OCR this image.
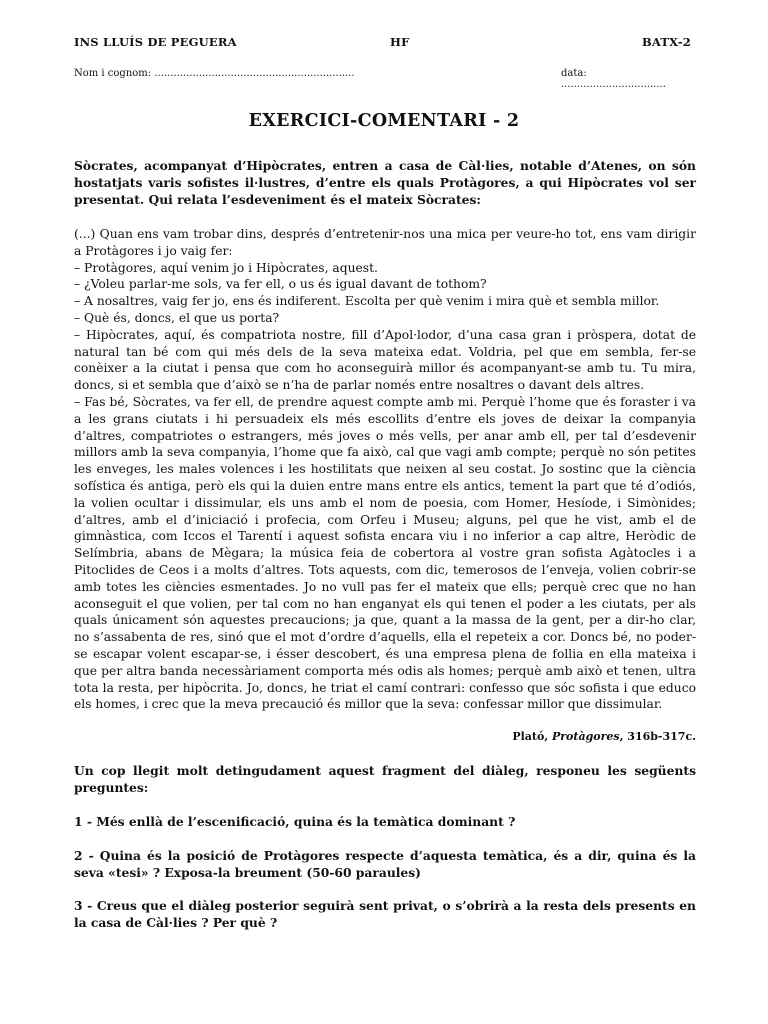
INS LLUÍS DE PEGUERA	HF	BATX-2
Nom i cognom: ...............................................................	data: .................................
EXERCICI-COMENTARI - 2
Sòcrates, acompanyat d’Hipòcrates, entren a casa de Càl·lies, notable d’Atenes, on són hostatjats varis sofistes il·lustres, d’entre els quals Protàgores, a qui Hipòcrates vol ser presentat. Qui relata l’esdeveniment és el mateix Sòcrates:

(...) Quan ens vam trobar dins, després d’entretenir-nos una mica per veure-ho tot, ens vam dirigir a Protàgores i jo vaig fer:

– Protàgores, aquí venim jo i Hipòcrates, aquest.

– ¿Voleu parlar-me sols, va fer ell, o us és igual davant de tothom?

– A nosaltres, vaig fer jo, ens és indiferent. Escolta per què venim i mira què et sembla millor.

– Què és, doncs, el que us porta?

– Hipòcrates, aquí, és compatriota nostre, fill d’Apol·lodor, d’una casa gran i pròspera, dotat de natural tan bé com qui més dels de la seva mateixa edat. Voldria, pel que em sembla, fer-se conèixer a la ciutat i pensa que com ho aconseguirà millor és acompanyant-se amb tu. Tu mira, doncs, si et sembla que d’això se n’ha de parlar només entre nosaltres o davant dels altres.

– Fas bé, Sòcrates, va fer ell, de prendre aquest compte amb mi. Perquè l’home que és foraster i va a les grans ciutats i hi persuadeix els més escollits d’entre els joves de deixar la companyia d’altres, compatriotes o estrangers, més joves o més vells, per anar amb ell, per tal d’esdevenir millors amb la seva companyia, l’home que fa això, cal que vagi amb compte; perquè no són petites les enveges, les males volences i les hostilitats que neixen al seu costat. Jo sostinc que la ciència sofística és antiga, però els qui la duien entre mans entre els antics, tement la part que té d’odiós, la volien ocultar i dissimular, els uns amb el nom de poesia, com Homer, Hesíode, i Simònides; d’altres, amb el d’iniciació i profecia, com Orfeu i Museu; alguns, pel que he vist, amb el de gimnàstica, com Iccos el Tarentí i aquest sofista encara viu i no inferior a cap altre, Heròdic de Selímbria, abans de Mègara; la música feia de cobertora al vostre gran sofista Agàtocles i a Pitoclides de Ceos i a molts d’altres. Tots aquests, com dic, temerosos de l’enveja, volien cobrir-se amb totes les ciències esmentades. Jo no vull pas fer el mateix que ells; perquè crec que no han aconseguit el que volien, per tal com no han enganyat els qui tenen el poder a les ciutats, per als quals únicament són aquestes precaucions; ja que, quant a la massa de la gent, per a dir-ho clar, no s’assabenta de res, sinó que el mot d’ordre d’aquells, ella el repeteix a cor. Doncs bé, no poder-se escapar volent escapar-se, i ésser descobert, és una empresa plena de follia en ella mateixa i que per altra banda necessàriament comporta més odis als homes; perquè amb això et tenen, ultra tota la resta, per hipòcrita. Jo, doncs, he triat el camí contrari: confesso que sóc sofista i que educo els homes, i crec que la meva precaució és millor que la seva: confessar millor que dissimular.

Plató, Protàgores, 316b-317c.
Un cop llegit molt detingudament aquest fragment del diàleg, responeu les següents preguntes:
1 - Més enllà de l’escenificació, quina és la temàtica dominant ?
2 - Quina és la posició de Protàgores respecte d’aquesta temàtica, és a dir, quina és la seva «tesi» ? Exposa-la breument (50-60 paraules)
3 - Creus que el diàleg posterior seguirà sent privat, o s’obrirà a la resta dels presents en la casa de Càl·lies ? Per què ?
